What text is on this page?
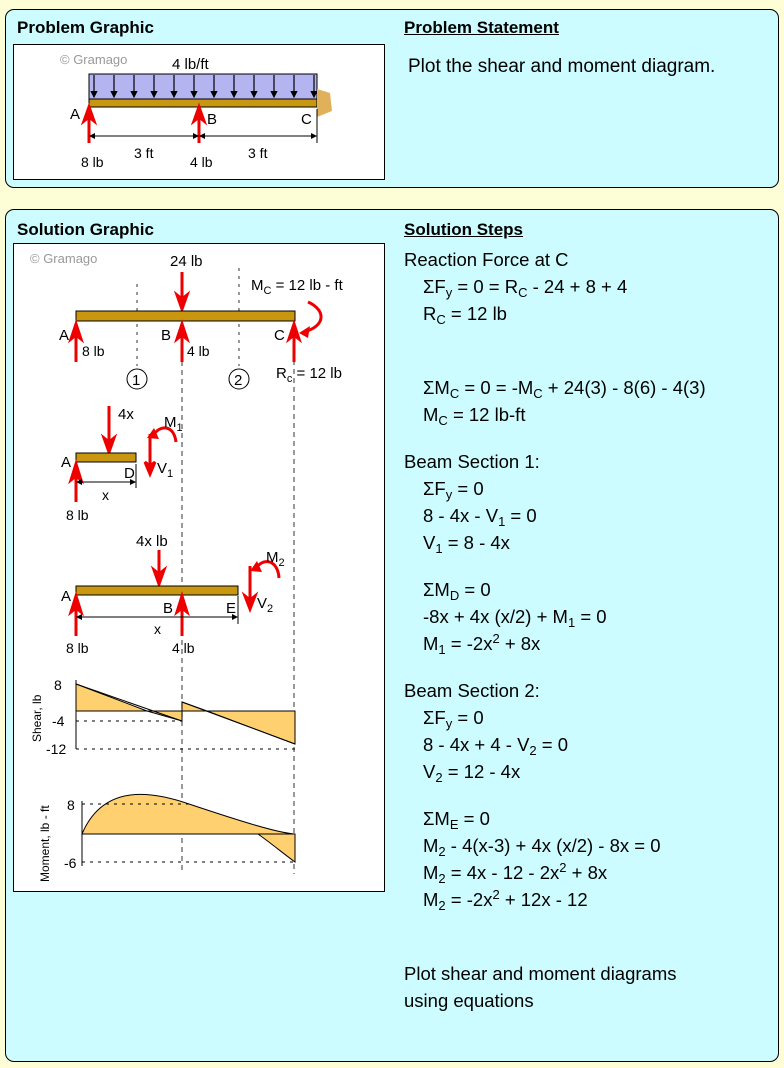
Problem Graphic	Problem Statement
Plot the shear and moment diagram.
© Gramago	4 lb/ft
A	B	C
8 lb
3 ft
4 lb
3 ft
Solution Graphic	Solution Steps
© Gramago	24 lb
$M_C = 12$ lb - ft
A	B	C
8 lb	4 lb
$R_c = 12$ lb
1	2
4x $M_1$
$V_1$
A
D
x
8 lb
4x lb
$M_2$
$V_2$
A
B	E
x
8 lb	4 lb
8
-4
-12
Shear, lb
8
-6
Moment, lb - ft
Reaction Force at C
$\Sigma F_y = 0 = R_C - 24 + 8 + 4$
$R_C = 12$ lb
$\Sigma M_C = 0 = -M_C + 24(3) - 8(6) - 4(3)$
$M_C = 12$ lb-ft
Beam Section 1:
$\Sigma F_y = 0$
$8 - 4x - V_1 = 0$
$V_1 = 8 - 4x$
$\Sigma M_D = 0$
-8x + 4x $(x/2) + M_1 = 0$
$M_1 = -2x^2 + 8x$
Beam Section 2:
$\Sigma F_y = 0$
$8 - 4x + 4 - V_2 = 0$
$V_2 = 12 - 4x$
$\Sigma M_E = 0$
$M_2 - 4(x-3) + 4x$ (x/2) - 8x = 0
$M_2 = 4x - 12 - 2x^2 + 8x$
$M_2 = -2x^2 + 12x - 12$
Plot shear and moment diagrams
using equations
